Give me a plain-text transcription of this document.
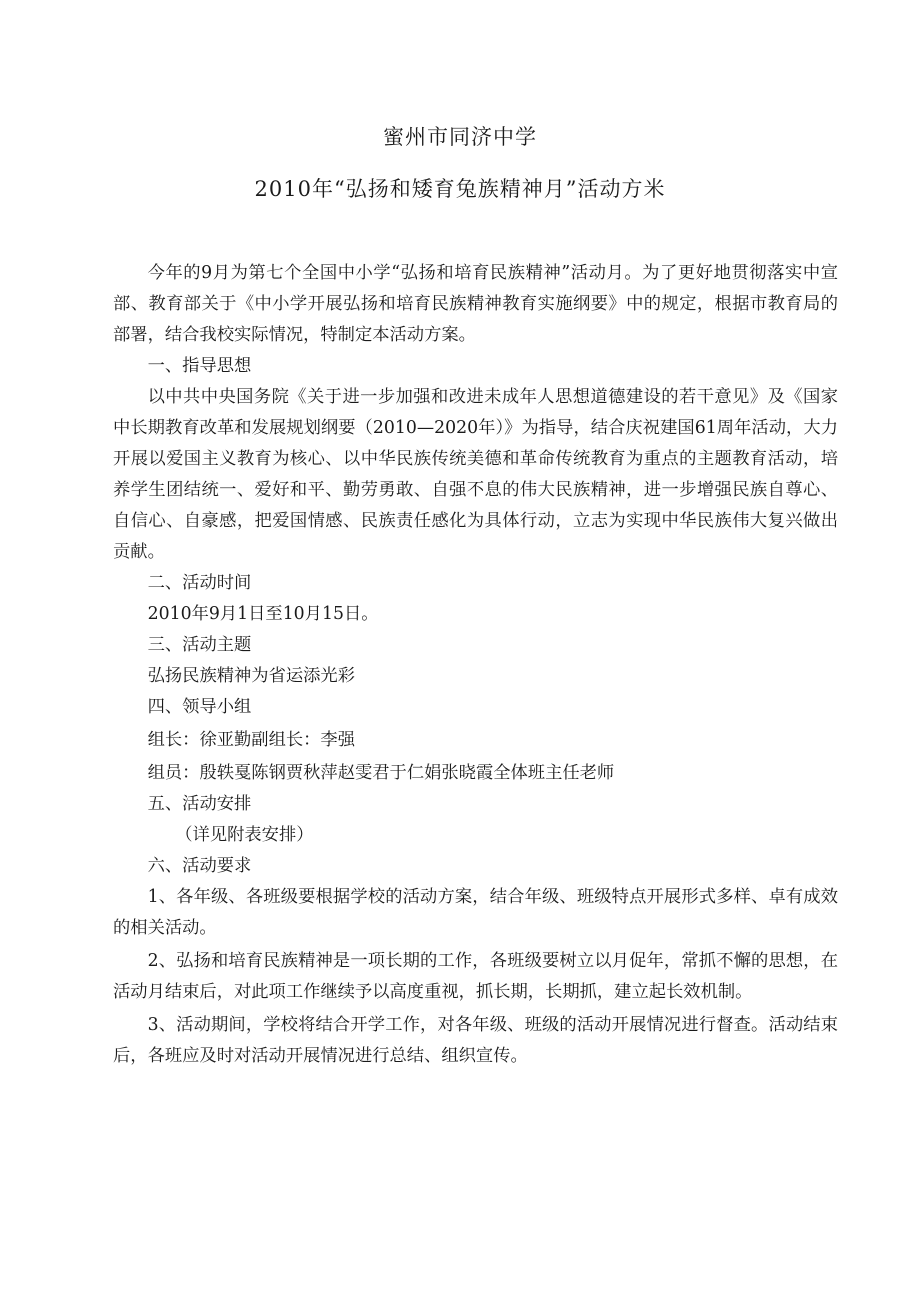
蜜州市同济中学
2010年“弘扬和矮育兔族精神月”活动方米

今年的9月为第七个全国中小学“弘扬和培育民族精神”活动月。为了更好地贯彻落实中宣部、教育部关于《中小学开展弘扬和培育民族精神教育实施纲要》中的规定，根据市教育局的部署，结合我校实际情况，特制定本活动方案。

一、指导思想

以中共中央国务院《关于进一步加强和改进未成年人思想道德建设的若干意见》及《国家中长期教育改革和发展规划纲要（2010—2020年）》为指导，结合庆祝建国61周年活动，大力开展以爱国主义教育为核心、以中华民族传统美德和革命传统教育为重点的主题教育活动，培养学生团结统一、爱好和平、勤劳勇敢、自强不息的伟大民族精神，进一步增强民族自尊心、自信心、自豪感，把爱国情感、民族责任感化为具体行动，立志为实现中华民族伟大复兴做出贡献。

二、活动时间

2010年9月1日至10月15日。

三、活动主题

弘扬民族精神为省运添光彩

四、领导小组

组长：徐亚勤副组长：李强

组员：殷轶戛陈钢贾秋萍赵雯君于仁娟张晓霞全体班主任老师

五、活动安排

（详见附表安排）

六、活动要求

1、各年级、各班级要根据学校的活动方案，结合年级、班级特点开展形式多样、卓有成效的相关活动。

2、弘扬和培育民族精神是一项长期的工作，各班级要树立以月促年，常抓不懈的思想，在活动月结束后，对此项工作继续予以高度重视，抓长期，长期抓，建立起长效机制。

3、活动期间，学校将结合开学工作，对各年级、班级的活动开展情况进行督查。活动结束后，各班应及时对活动开展情况进行总结、组织宣传。
